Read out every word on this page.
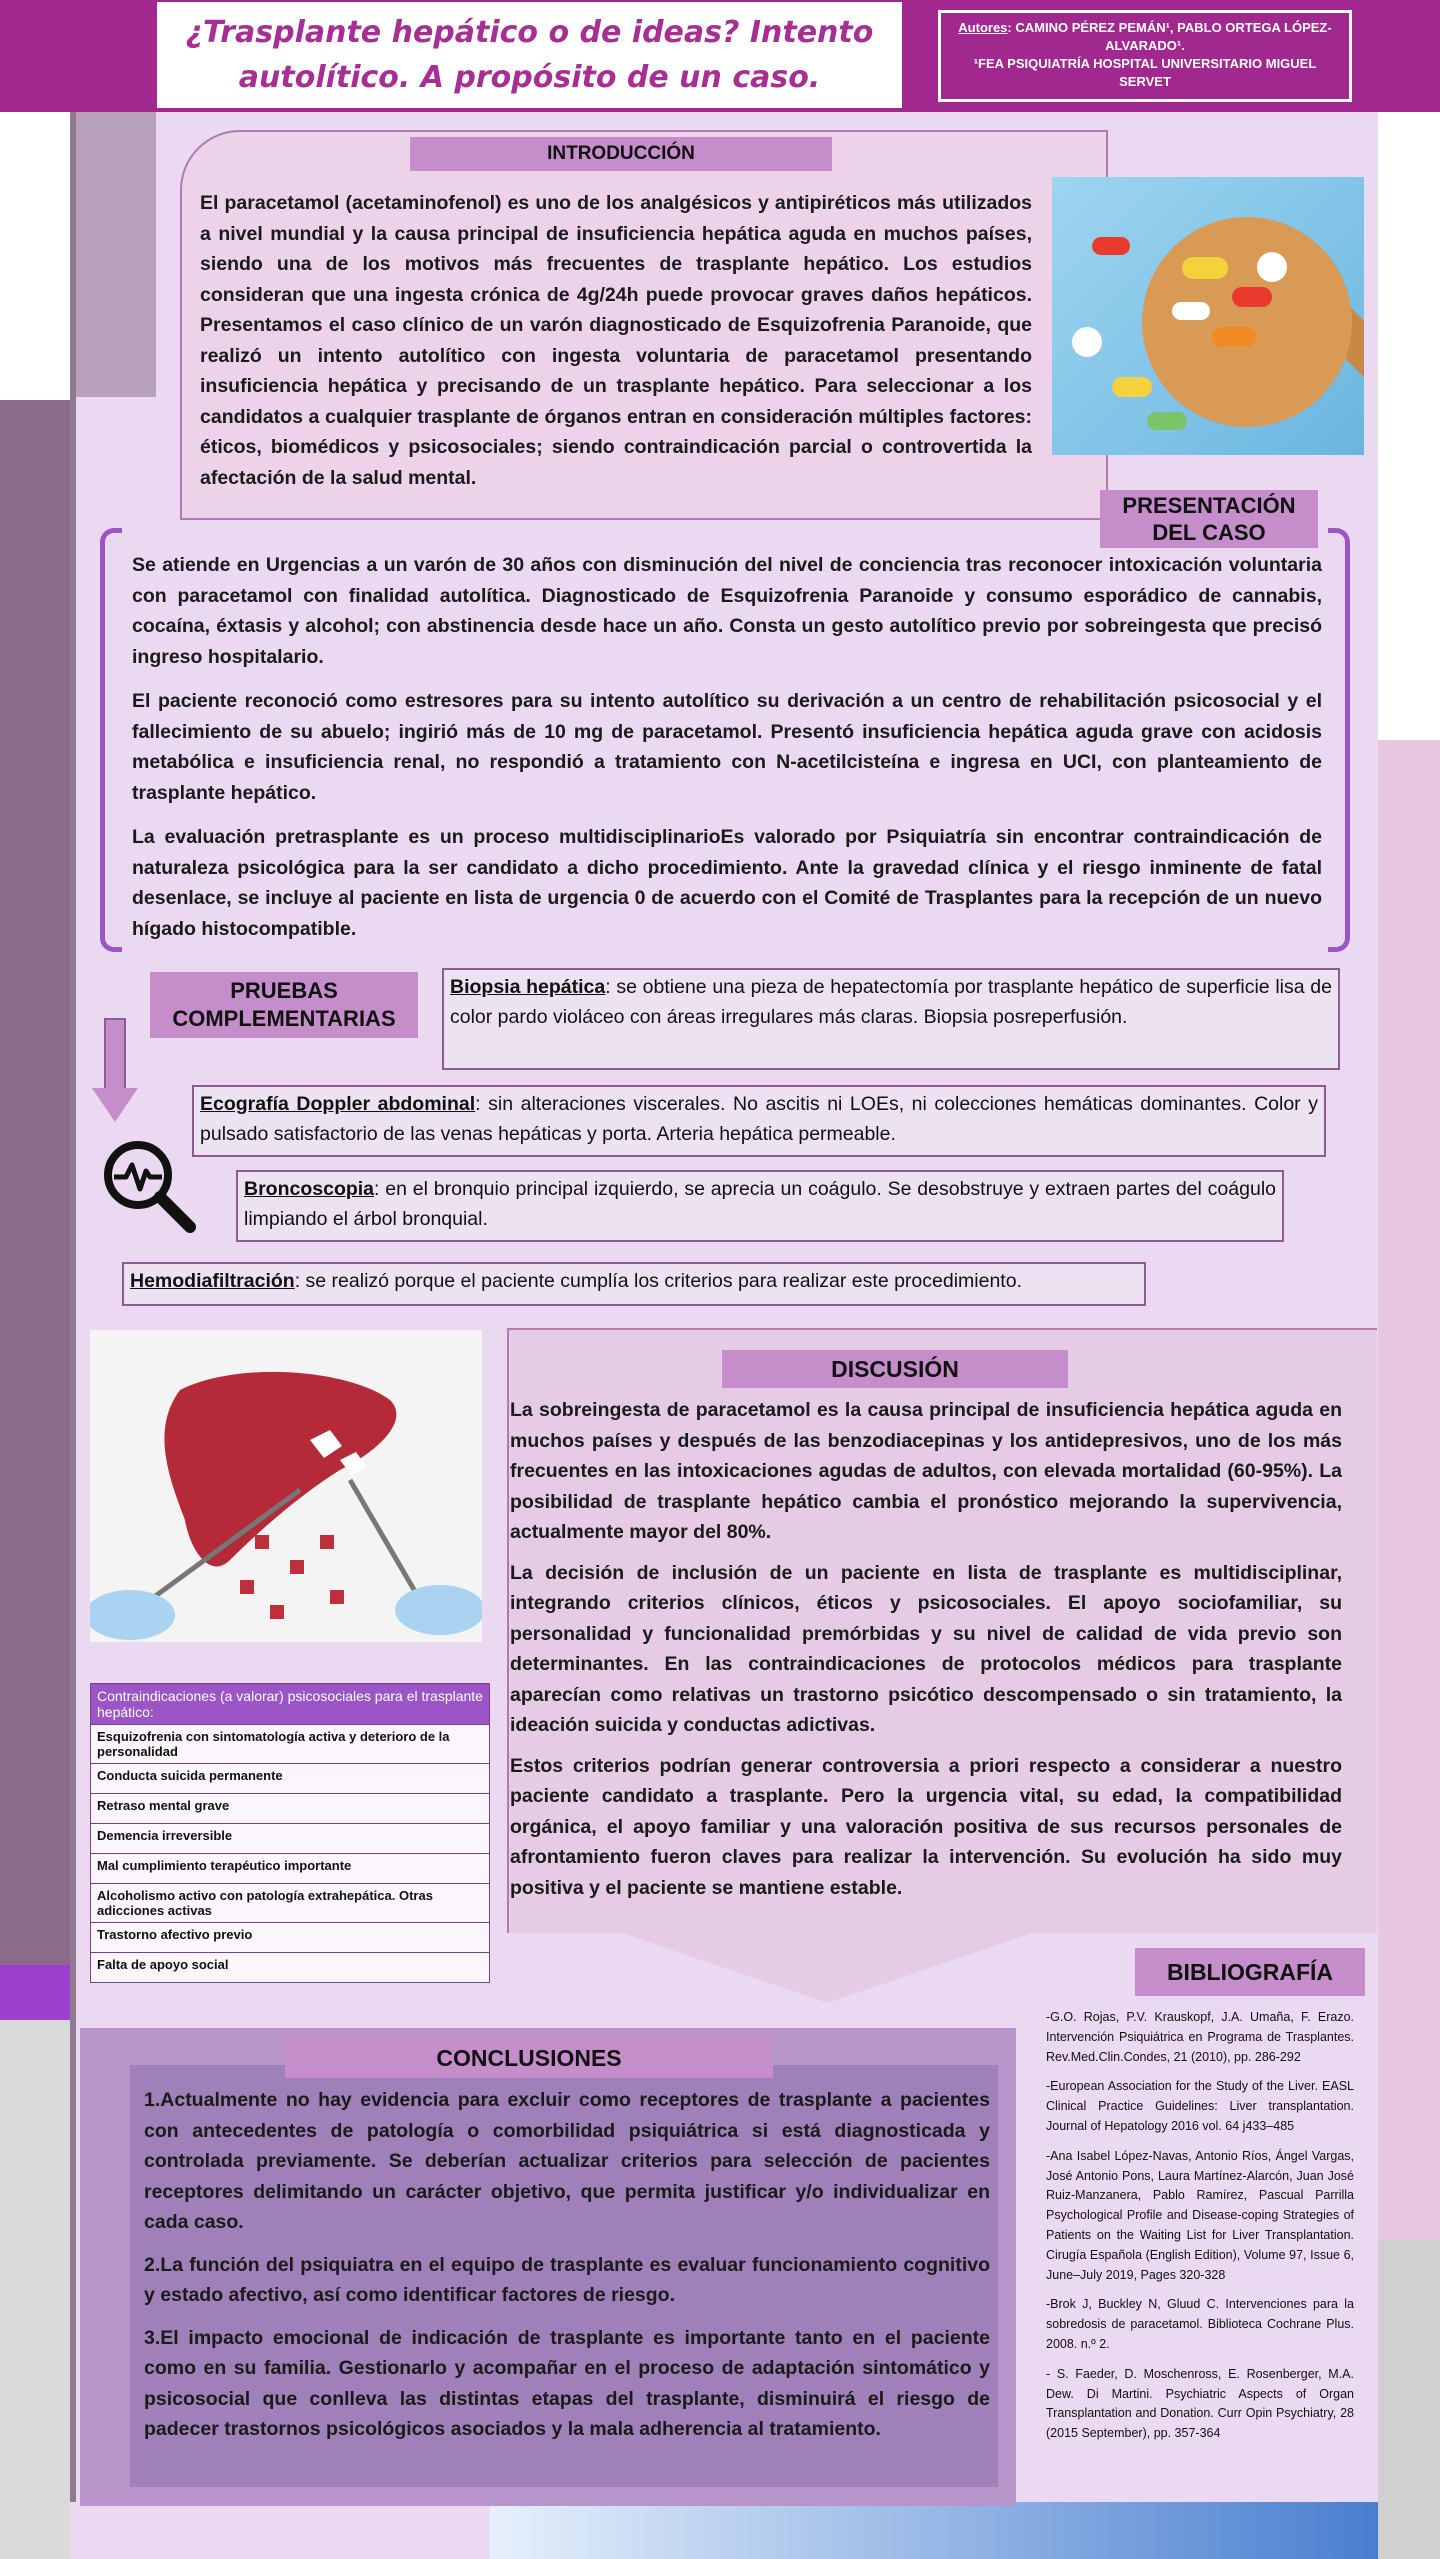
¿Trasplante hepático o de ideas? Intento
autolítico. A propósito de un caso.
Autores: CAMINO PÉREZ PEMÁN¹, PABLO ORTEGA LÓPEZ-ALVARADO¹.
¹FEA PSIQUIATRÍA HOSPITAL UNIVERSITARIO MIGUEL SERVET
INTRODUCCIÓN
El paracetamol (acetaminofenol) es uno de los analgésicos y antipiréticos más utilizados a nivel mundial y la causa principal de insuficiencia hepática aguda en muchos países, siendo una de los motivos más frecuentes de trasplante hepático. Los estudios consideran que una ingesta crónica de 4g/24h puede provocar graves daños hepáticos. Presentamos el caso clínico de un varón diagnosticado de Esquizofrenia Paranoide, que realizó un intento autolítico con ingesta voluntaria de paracetamol presentando insuficiencia hepática y precisando de un trasplante hepático. Para seleccionar a los candidatos a cualquier trasplante de órganos entran en consideración múltiples factores: éticos, biomédicos y psicosociales; siendo contraindicación parcial o controvertida la afectación de la salud mental.
PRESENTACIÓN
DEL CASO

Se atiende en Urgencias a un varón de 30 años con disminución del nivel de conciencia tras reconocer intoxicación voluntaria con paracetamol con finalidad autolítica. Diagnosticado de Esquizofrenia Paranoide y consumo esporádico de cannabis, cocaína, éxtasis y alcohol; con abstinencia desde hace un año. Consta un gesto autolítico previo por sobreingesta que precisó ingreso hospitalario.

El paciente reconoció como estresores para su intento autolítico su derivación a un centro de rehabilitación psicosocial y el fallecimiento de su abuelo; ingirió más de 10 mg de paracetamol. Presentó insuficiencia hepática aguda grave con acidosis metabólica e insuficiencia renal, no respondió a tratamiento con N-acetilcisteína e ingresa en UCI, con planteamiento de trasplante hepático.

La evaluación pretrasplante es un proceso multidisciplinarioEs valorado por Psiquiatría sin encontrar contraindicación de naturaleza psicológica para la ser candidato a dicho procedimiento. Ante la gravedad clínica y el riesgo inminente de fatal desenlace, se incluye al paciente en lista de urgencia 0 de acuerdo con el Comité de Trasplantes para la recepción de un nuevo hígado histocompatible.

PRUEBAS
COMPLEMENTARIAS
Biopsia hepática: se obtiene una pieza de hepatectomía por trasplante hepático de superficie lisa de color pardo violáceo con áreas irregulares más claras. Biopsia posreperfusión.
Ecografía Doppler abdominal: sin alteraciones viscerales. No ascitis ni LOEs, ni colecciones hemáticas dominantes. Color y pulsado satisfactorio de las venas hepáticas y porta. Arteria hepática permeable.
Broncoscopia: en el bronquio principal izquierdo, se aprecia un coágulo. Se desobstruye y extraen partes del coágulo limpiando el árbol bronquial.
Hemodiafiltración: se realizó porque el paciente cumplía los criterios para realizar este procedimiento.
Contraindicaciones (a valorar) psicosociales para el trasplante hepático:
Esquizofrenia con sintomatología activa y deterioro de la personalidad
Conducta suicida permanente
Retraso mental grave
Demencia irreversible
Mal cumplimiento terapéutico importante
Alcoholismo activo con patología extrahepática. Otras adicciones activas
Trastorno afectivo previo
Falta de apoyo social
DISCUSIÓN

La sobreingesta de paracetamol es la causa principal de insuficiencia hepática aguda en muchos países y después de las benzodiacepinas y los antidepresivos, uno de los más frecuentes en las intoxicaciones agudas de adultos, con elevada mortalidad (60-95%). La posibilidad de trasplante hepático cambia el pronóstico mejorando la supervivencia, actualmente mayor del 80%.

La decisión de inclusión de un paciente en lista de trasplante es multidisciplinar, integrando criterios clínicos, éticos y psicosociales. El apoyo sociofamiliar, su personalidad y funcionalidad premórbidas y su nivel de calidad de vida previo son determinantes. En las contraindicaciones de protocolos médicos para trasplante aparecían como relativas un trastorno psicótico descompensado o sin tratamiento, la ideación suicida y conductas adictivas.

Estos criterios podrían generar controversia a priori respecto a considerar a nuestro paciente candidato a trasplante. Pero la urgencia vital, su edad, la compatibilidad orgánica, el apoyo familiar y una valoración positiva de sus recursos personales de afrontamiento fueron claves para realizar la intervención. Su evolución ha sido muy positiva y el paciente se mantiene estable.

BIBLIOGRAFÍA

-G.O. Rojas, P.V. Krauskopf, J.A. Umaña, F. Erazo. Intervención Psiquiátrica en Programa de Trasplantes. Rev.Med.Clin.Condes, 21 (2010), pp. 286-292

-European Association for the Study of the Liver. EASL Clinical Practice Guidelines: Liver transplantation. Journal of Hepatology 2016 vol. 64 j433–485

-Ana Isabel López-Navas, Antonio Ríos, Ángel Vargas, José Antonio Pons, Laura Martínez-Alarcón, Juan José Ruiz-Manzanera, Pablo Ramírez, Pascual Parrilla Psychological Profile and Disease-coping Strategies of Patients on the Waiting List for Liver Transplantation. Cirugía Española (English Edition), Volume 97, Issue 6, June–July 2019, Pages 320-328

-Brok J, Buckley N, Gluud C. Intervenciones para la sobredosis de paracetamol. Biblioteca Cochrane Plus. 2008. n.º 2.

- S. Faeder, D. Moschenross, E. Rosenberger, M.A. Dew. Di Martini. Psychiatric Aspects of Organ Transplantation and Donation. Curr Opin Psychiatry, 28 (2015 September), pp. 357-364

CONCLUSIONES

1.Actualmente no hay evidencia para excluir como receptores de trasplante a pacientes con antecedentes de patología o comorbilidad psiquiátrica si está diagnosticada y controlada previamente. Se deberían actualizar criterios para selección de pacientes receptores delimitando un carácter objetivo, que permita justificar y/o individualizar en cada caso.

2.La función del psiquiatra en el equipo de trasplante es evaluar funcionamiento cognitivo y estado afectivo, así como identificar factores de riesgo.

3.El impacto emocional de indicación de trasplante es importante tanto en el paciente como en su familia. Gestionarlo y acompañar en el proceso de adaptación sintomático y psicosocial que conlleva las distintas etapas del trasplante, disminuirá el riesgo de padecer trastornos psicológicos asociados y la mala adherencia al tratamiento.
